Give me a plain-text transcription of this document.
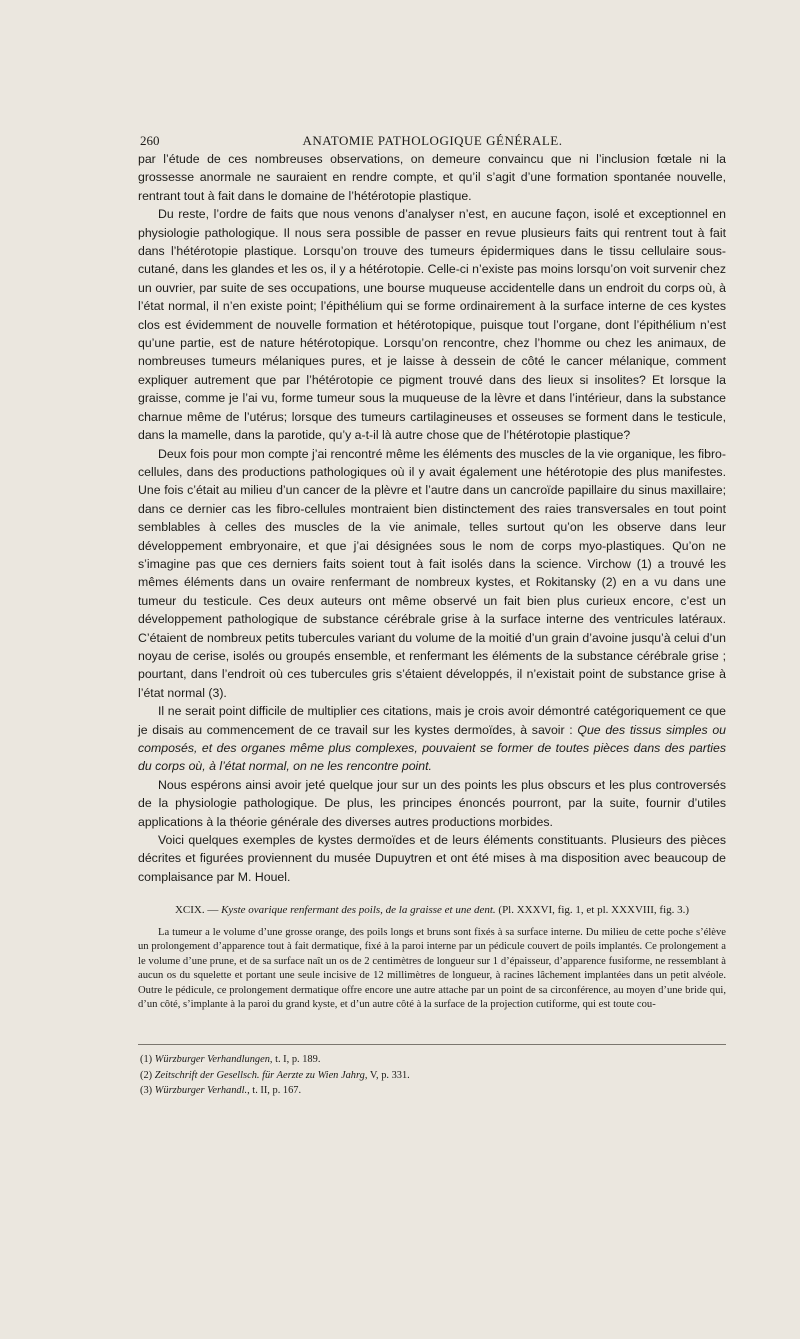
260	ANATOMIE PATHOLOGIQUE GÉNÉRALE.

par l’étude de ces nombreuses observations, on demeure convaincu que ni l’inclusion fœtale ni la grossesse anormale ne sauraient en rendre compte, et qu’il s’agit d’une formation spontanée nouvelle, rentrant tout à fait dans le domaine de l’hétérotopie plastique.

Du reste, l’ordre de faits que nous venons d’analyser n’est, en aucune façon, isolé et exceptionnel en physiologie pathologique. Il nous sera possible de passer en revue plusieurs faits qui rentrent tout à fait dans l’hétérotopie plastique. Lorsqu’on trouve des tumeurs épidermiques dans le tissu cellulaire sous-cutané, dans les glandes et les os, il y a hétérotopie. Celle-ci n’existe pas moins lorsqu’on voit survenir chez un ouvrier, par suite de ses occupations, une bourse muqueuse accidentelle dans un endroit du corps où, à l’état normal, il n’en existe point; l’épithélium qui se forme ordinairement à la surface interne de ces kystes clos est évidemment de nouvelle formation et hétérotopique, puisque tout l’organe, dont l’épithélium n’est qu’une partie, est de nature hétérotopique. Lorsqu’on rencontre, chez l’homme ou chez les animaux, de nombreuses tumeurs mélaniques pures, et je laisse à dessein de côté le cancer mélanique, comment expliquer autrement que par l’hétérotopie ce pigment trouvé dans des lieux si insolites? Et lorsque la graisse, comme je l’ai vu, forme tumeur sous la muqueuse de la lèvre et dans l’intérieur, dans la substance charnue même de l’utérus; lorsque des tumeurs cartilagineuses et osseuses se forment dans le testicule, dans la mamelle, dans la parotide, qu’y a-t-il là autre chose que de l’hétérotopie plastique?

Deux fois pour mon compte j’ai rencontré même les éléments des muscles de la vie organique, les fibro-cellules, dans des productions pathologiques où il y avait également une hétérotopie des plus manifestes. Une fois c’était au milieu d’un cancer de la plèvre et l’autre dans un cancroïde papillaire du sinus maxillaire; dans ce dernier cas les fibro-cellules montraient bien distinctement des raies transversales en tout point semblables à celles des muscles de la vie animale, telles surtout qu’on les observe dans leur développement embryonaire, et que j’ai désignées sous le nom de corps myo-plastiques. Qu’on ne s’imagine pas que ces derniers faits soient tout à fait isolés dans la science. Virchow (1) a trouvé les mêmes éléments dans un ovaire renfermant de nombreux kystes, et Rokitansky (2) en a vu dans une tumeur du testicule. Ces deux auteurs ont même observé un fait bien plus curieux encore, c’est un développement pathologique de substance cérébrale grise à la surface interne des ventricules latéraux. C’étaient de nombreux petits tubercules variant du volume de la moitié d’un grain d’avoine jusqu’à celui d’un noyau de cerise, isolés ou groupés ensemble, et renfermant les éléments de la substance cérébrale grise ; pourtant, dans l’endroit où ces tubercules gris s’étaient développés, il n’existait point de substance grise à l’état normal (3).

Il ne serait point difficile de multiplier ces citations, mais je crois avoir démontré catégoriquement ce que je disais au commencement de ce travail sur les kystes dermoïdes, à savoir : Que des tissus simples ou composés, et des organes même plus complexes, pouvaient se former de toutes pièces dans des parties du corps où, à l’état normal, on ne les rencontre point.

Nous espérons ainsi avoir jeté quelque jour sur un des points les plus obscurs et les plus controversés de la physiologie pathologique. De plus, les principes énoncés pourront, par la suite, fournir d’utiles applications à la théorie générale des diverses autres productions morbides.

Voici quelques exemples de kystes dermoïdes et de leurs éléments constituants. Plusieurs des pièces décrites et figurées proviennent du musée Dupuytren et ont été mises à ma disposition avec beaucoup de complaisance par M. Houel.

XCIX. — Kyste ovarique renfermant des poils, de la graisse et une dent. (Pl. XXXVI, fig. 1, et pl. XXXVIII, fig. 3.)

La tumeur a le volume d’une grosse orange, des poils longs et bruns sont fixés à sa surface interne. Du milieu de cette poche s’élève un prolongement d’apparence tout à fait dermatique, fixé à la paroi interne par un pédicule couvert de poils implantés. Ce prolongement a le volume d’une prune, et de sa surface naît un os de 2 centimètres de longueur sur 1 d’épaisseur, d’apparence fusiforme, ne ressemblant à aucun os du squelette et portant une seule incisive de 12 millimètres de longueur, à racines lâchement implantées dans un petit alvéole. Outre le pédicule, ce prolongement dermatique offre encore une autre attache par un point de sa circonférence, au moyen d’une bride qui, d’un côté, s’implante à la paroi du grand kyste, et d’un autre côté à la surface de la projection cutiforme, qui est toute cou-

(1) Würzburger Verhandlungen, t. I, p. 189.

(2) Zeitschrift der Gesellsch. für Aerzte zu Wien Jahrg, V, p. 331.

(3) Würzburger Verhandl., t. II, p. 167.
